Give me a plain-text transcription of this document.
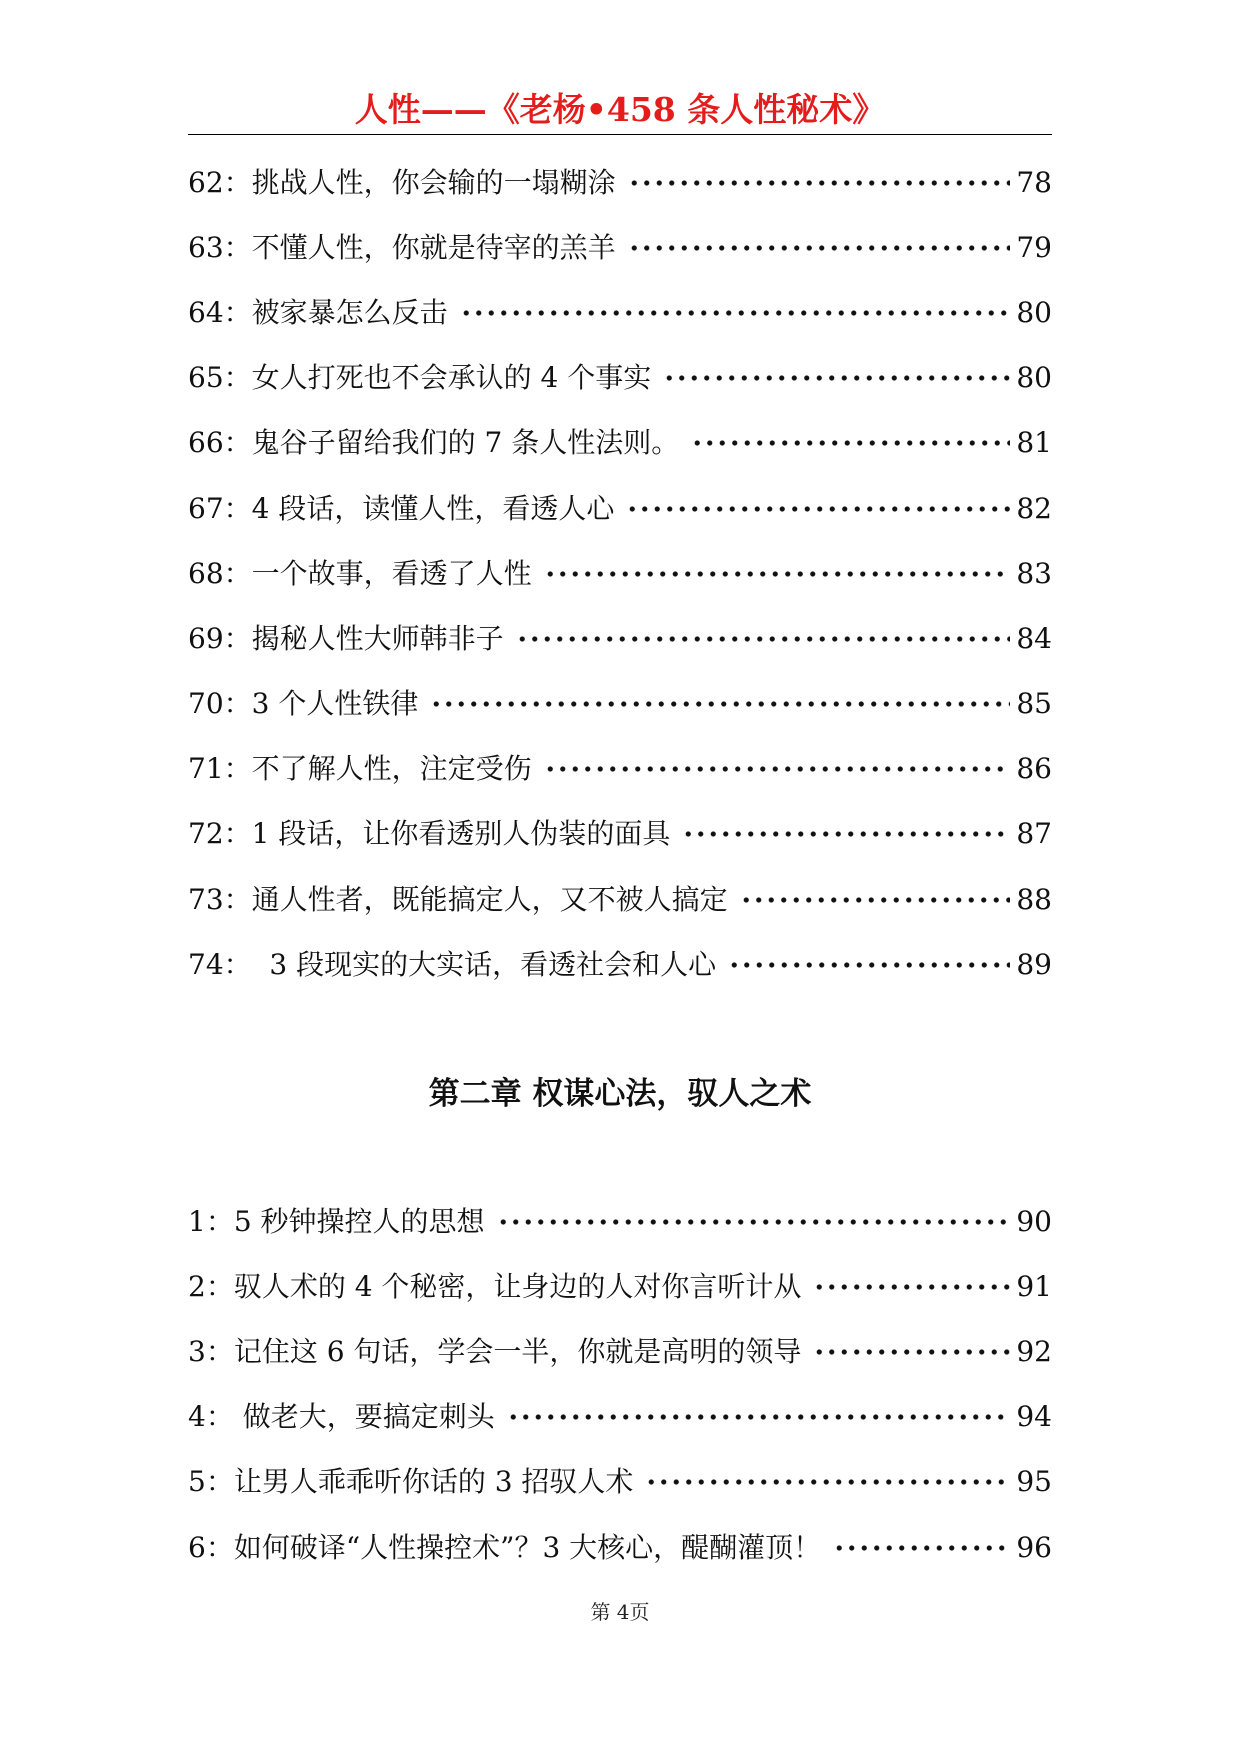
人性——《老杨•458 条人性秘术》
62：挑战人性，你会输的一塌糊涂	78
63：不懂人性，你就是待宰的羔羊	79
64：被家暴怎么反击	80
65：女人打死也不会承认的 4 个事实	80
66：鬼谷子留给我们的 7 条人性法则。	81
67：4 段话，读懂人性，看透人心	82
68：一个故事，看透了人性	83
69：揭秘人性大师韩非子	84
70：3 个人性铁律	85
71：不了解人性，注定受伤	86
72：1 段话，让你看透别人伪装的面具	87
73：通人性者，既能搞定人，又不被人搞定	88
74：  3 段现实的大实话，看透社会和人心	89
第二章 权谋心法，驭人之术
1：5 秒钟操控人的思想	90
2：驭人术的 4 个秘密，让身边的人对你言听计从	91
3：记住这 6 句话，学会一半，你就是高明的领导	92
4： 做老大，要搞定刺头	94
5：让男人乖乖听你话的 3 招驭人术	95
6：如何破译“人性操控术”？3 大核心，醍醐灌顶！	96
第 4页
